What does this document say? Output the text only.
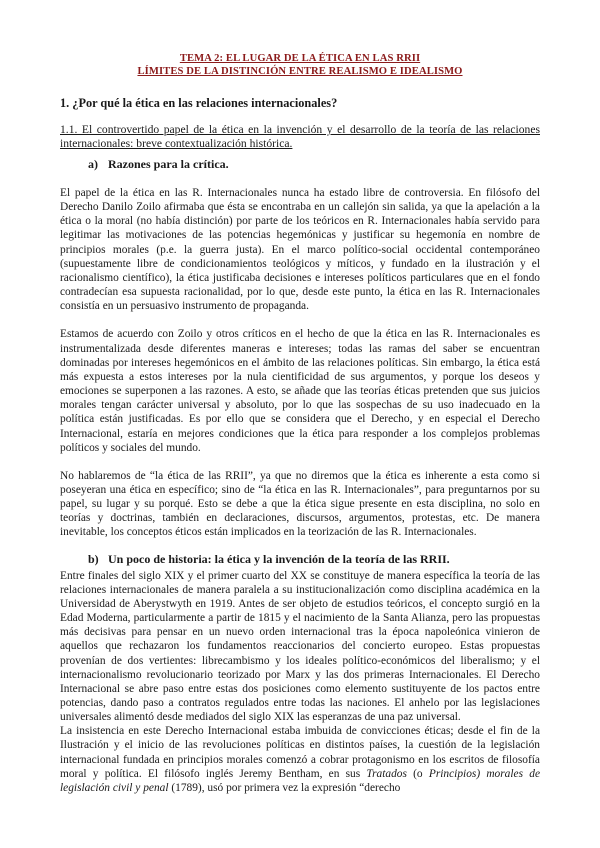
TEMA 2: EL LUGAR DE LA ÉTICA EN LAS RRII
LÍMITES DE LA DISTINCIÓN ENTRE REALISMO E IDEALISMO
1. ¿Por qué la ética en las relaciones internacionales?
1.1. El controvertido papel de la ética en la invención y el desarrollo de la teoría de las relaciones internacionales: breve contextualización histórica.
a) Razones para la crítica.

El papel de la ética en las R. Internacionales nunca ha estado libre de controversia. En filósofo del Derecho Danilo Zoilo afirmaba que ésta se encontraba en un callejón sin salida, ya que la apelación a la ética o la moral (no había distinción) por parte de los teóricos en R. Internacionales había servido para legitimar las motivaciones de las potencias hegemónicas y justificar su hegemonía en nombre de principios morales (p.e. la guerra justa). En el marco político-social occidental contemporáneo (supuestamente libre de condicionamientos teológicos y míticos, y fundado en la ilustración y el racionalismo científico), la ética justificaba decisiones e intereses políticos particulares que en el fondo contradecían esa supuesta racionalidad, por lo que, desde este punto, la ética en las R. Internacionales consistía en un persuasivo instrumento de propaganda.

Estamos de acuerdo con Zoilo y otros críticos en el hecho de que la ética en las R. Internacionales es instrumentalizada desde diferentes maneras e intereses; todas las ramas del saber se encuentran dominadas por intereses hegemónicos en el ámbito de las relaciones políticas. Sin embargo, la ética está más expuesta a estos intereses por la nula cientificidad de sus argumentos, y porque los deseos y emociones se superponen a las razones. A esto, se añade que las teorías éticas pretenden que sus juicios morales tengan carácter universal y absoluto, por lo que las sospechas de su uso inadecuado en la política están justificadas. Es por ello que se considera que el Derecho, y en especial el Derecho Internacional, estaría en mejores condiciones que la ética para responder a los complejos problemas políticos y sociales del mundo.

No hablaremos de “la ética de las RRII”, ya que no diremos que la ética es inherente a esta como si poseyeran una ética en específico; sino de “la ética en las R. Internacionales”, para preguntarnos por su papel, su lugar y su porqué. Esto se debe a que la ética sigue presente en esta disciplina, no solo en teorías y doctrinas, también en declaraciones, discursos, argumentos, protestas, etc. De manera inevitable, los conceptos éticos están implicados en la teorización de las R. Internacionales.

b) Un poco de historia: la ética y la invención de la teoría de las RRII.

Entre finales del siglo XIX y el primer cuarto del XX se constituye de manera específica la teoría de las relaciones internacionales de manera paralela a su institucionalización como disciplina académica en la Universidad de Aberystwyth en 1919. Antes de ser objeto de estudios teóricos, el concepto surgió en la Edad Moderna, particularmente a partir de 1815 y el nacimiento de la Santa Alianza, pero las propuestas más decisivas para pensar en un nuevo orden internacional tras la época napoleónica vinieron de aquellos que rechazaron los fundamentos reaccionarios del concierto europeo. Estas propuestas provenían de dos vertientes: librecambismo y los ideales político-económicos del liberalismo; y el internacionalismo revolucionario teorizado por Marx y las dos primeras Internacionales. El Derecho Internacional se abre paso entre estas dos posiciones como elemento sustituyente de los pactos entre potencias, dando paso a contratos regulados entre todas las naciones. El anhelo por las legislaciones universales alimentó desde mediados del siglo XIX las esperanzas de una paz universal.

La insistencia en este Derecho Internacional estaba imbuida de convicciones éticas; desde el fin de la Ilustración y el inicio de las revoluciones políticas en distintos países, la cuestión de la legislación internacional fundada en principios morales comenzó a cobrar protagonismo en los escritos de filosofía moral y política. El filósofo inglés Jeremy Bentham, en sus Tratados (o Principios) morales de legislación civil y penal (1789), usó por primera vez la expresión “derecho
